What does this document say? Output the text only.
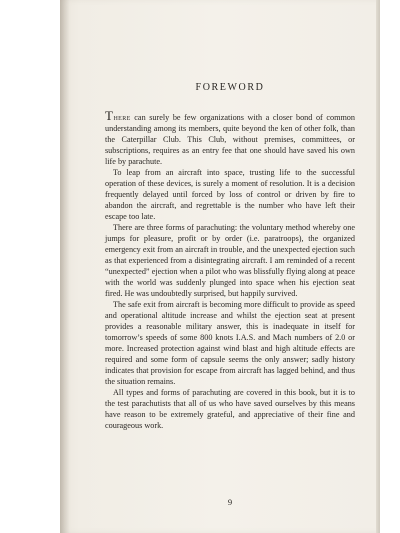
FOREWORD

There can surely be few organizations with a closer bond of common understanding among its members, quite beyond the ken of other folk, than the Caterpillar Club. This Club, without premises, committees, or subscriptions, requires as an entry fee that one should have saved his own life by parachute.

To leap from an aircraft into space, trusting life to the successful operation of these devices, is surely a moment of resolution. It is a decision frequently delayed until forced by loss of control or driven by fire to abandon the aircraft, and regrettable is the number who have left their escape too late.

There are three forms of parachuting: the voluntary method whereby one jumps for pleasure, profit or by order (i.e. paratroops), the organized emergency exit from an aircraft in trouble, and the unexpected ejection such as that experienced from a disintegrating aircraft. I am reminded of a recent “unexpected” ejection when a pilot who was blissfully flying along at peace with the world was suddenly plunged into space when his ejection seat fired. He was undoubtedly surprised, but happily survived.

The safe exit from aircraft is becoming more difficult to provide as speed and operational altitude increase and whilst the ejection seat at present provides a reasonable military answer, this is inadequate in itself for tomorrow’s speeds of some 800 knots I.A.S. and Mach numbers of 2.0 or more. Increased protection against wind blast and high altitude effects are required and some form of capsule seems the only answer; sadly history indicates that provision for escape from aircraft has lagged behind, and thus the situation remains.

All types and forms of parachuting are covered in this book, but it is to the test parachutists that all of us who have saved ourselves by this means have reason to be extremely grateful, and appreciative of their fine and courageous work.

9
